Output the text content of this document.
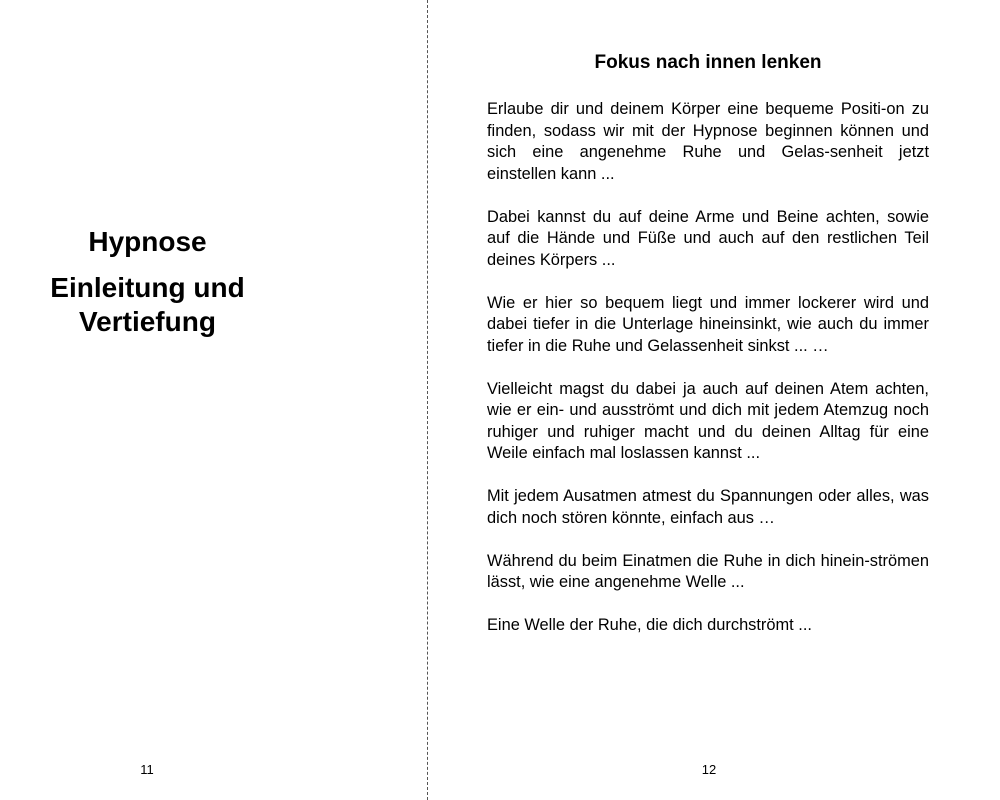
Hypnose
Einleitung und Vertiefung
11
Fokus nach innen lenken

Erlaube dir und deinem Körper eine bequeme Positi-on zu finden, sodass wir mit der Hypnose beginnen können und sich eine angenehme Ruhe und Gelas-senheit jetzt einstellen kann ...

Dabei kannst du auf deine Arme und Beine achten, sowie auf die Hände und Füße und auch auf den restlichen Teil deines Körpers ...

Wie er hier so bequem liegt und immer lockerer wird und dabei tiefer in die Unterlage hineinsinkt, wie auch du immer tiefer in die Ruhe und Gelassenheit sinkst ... …

Vielleicht magst du dabei ja auch auf deinen Atem achten, wie er ein- und ausströmt und dich mit jedem Atemzug noch ruhiger und ruhiger macht und du deinen Alltag für eine Weile einfach mal loslassen kannst ...

Mit jedem Ausatmen atmest du Spannungen oder alles, was dich noch stören könnte, einfach aus …

Während du beim Einatmen die Ruhe in dich hinein-strömen lässt, wie eine angenehme Welle ...

Eine Welle der Ruhe, die dich durchströmt ...

12
